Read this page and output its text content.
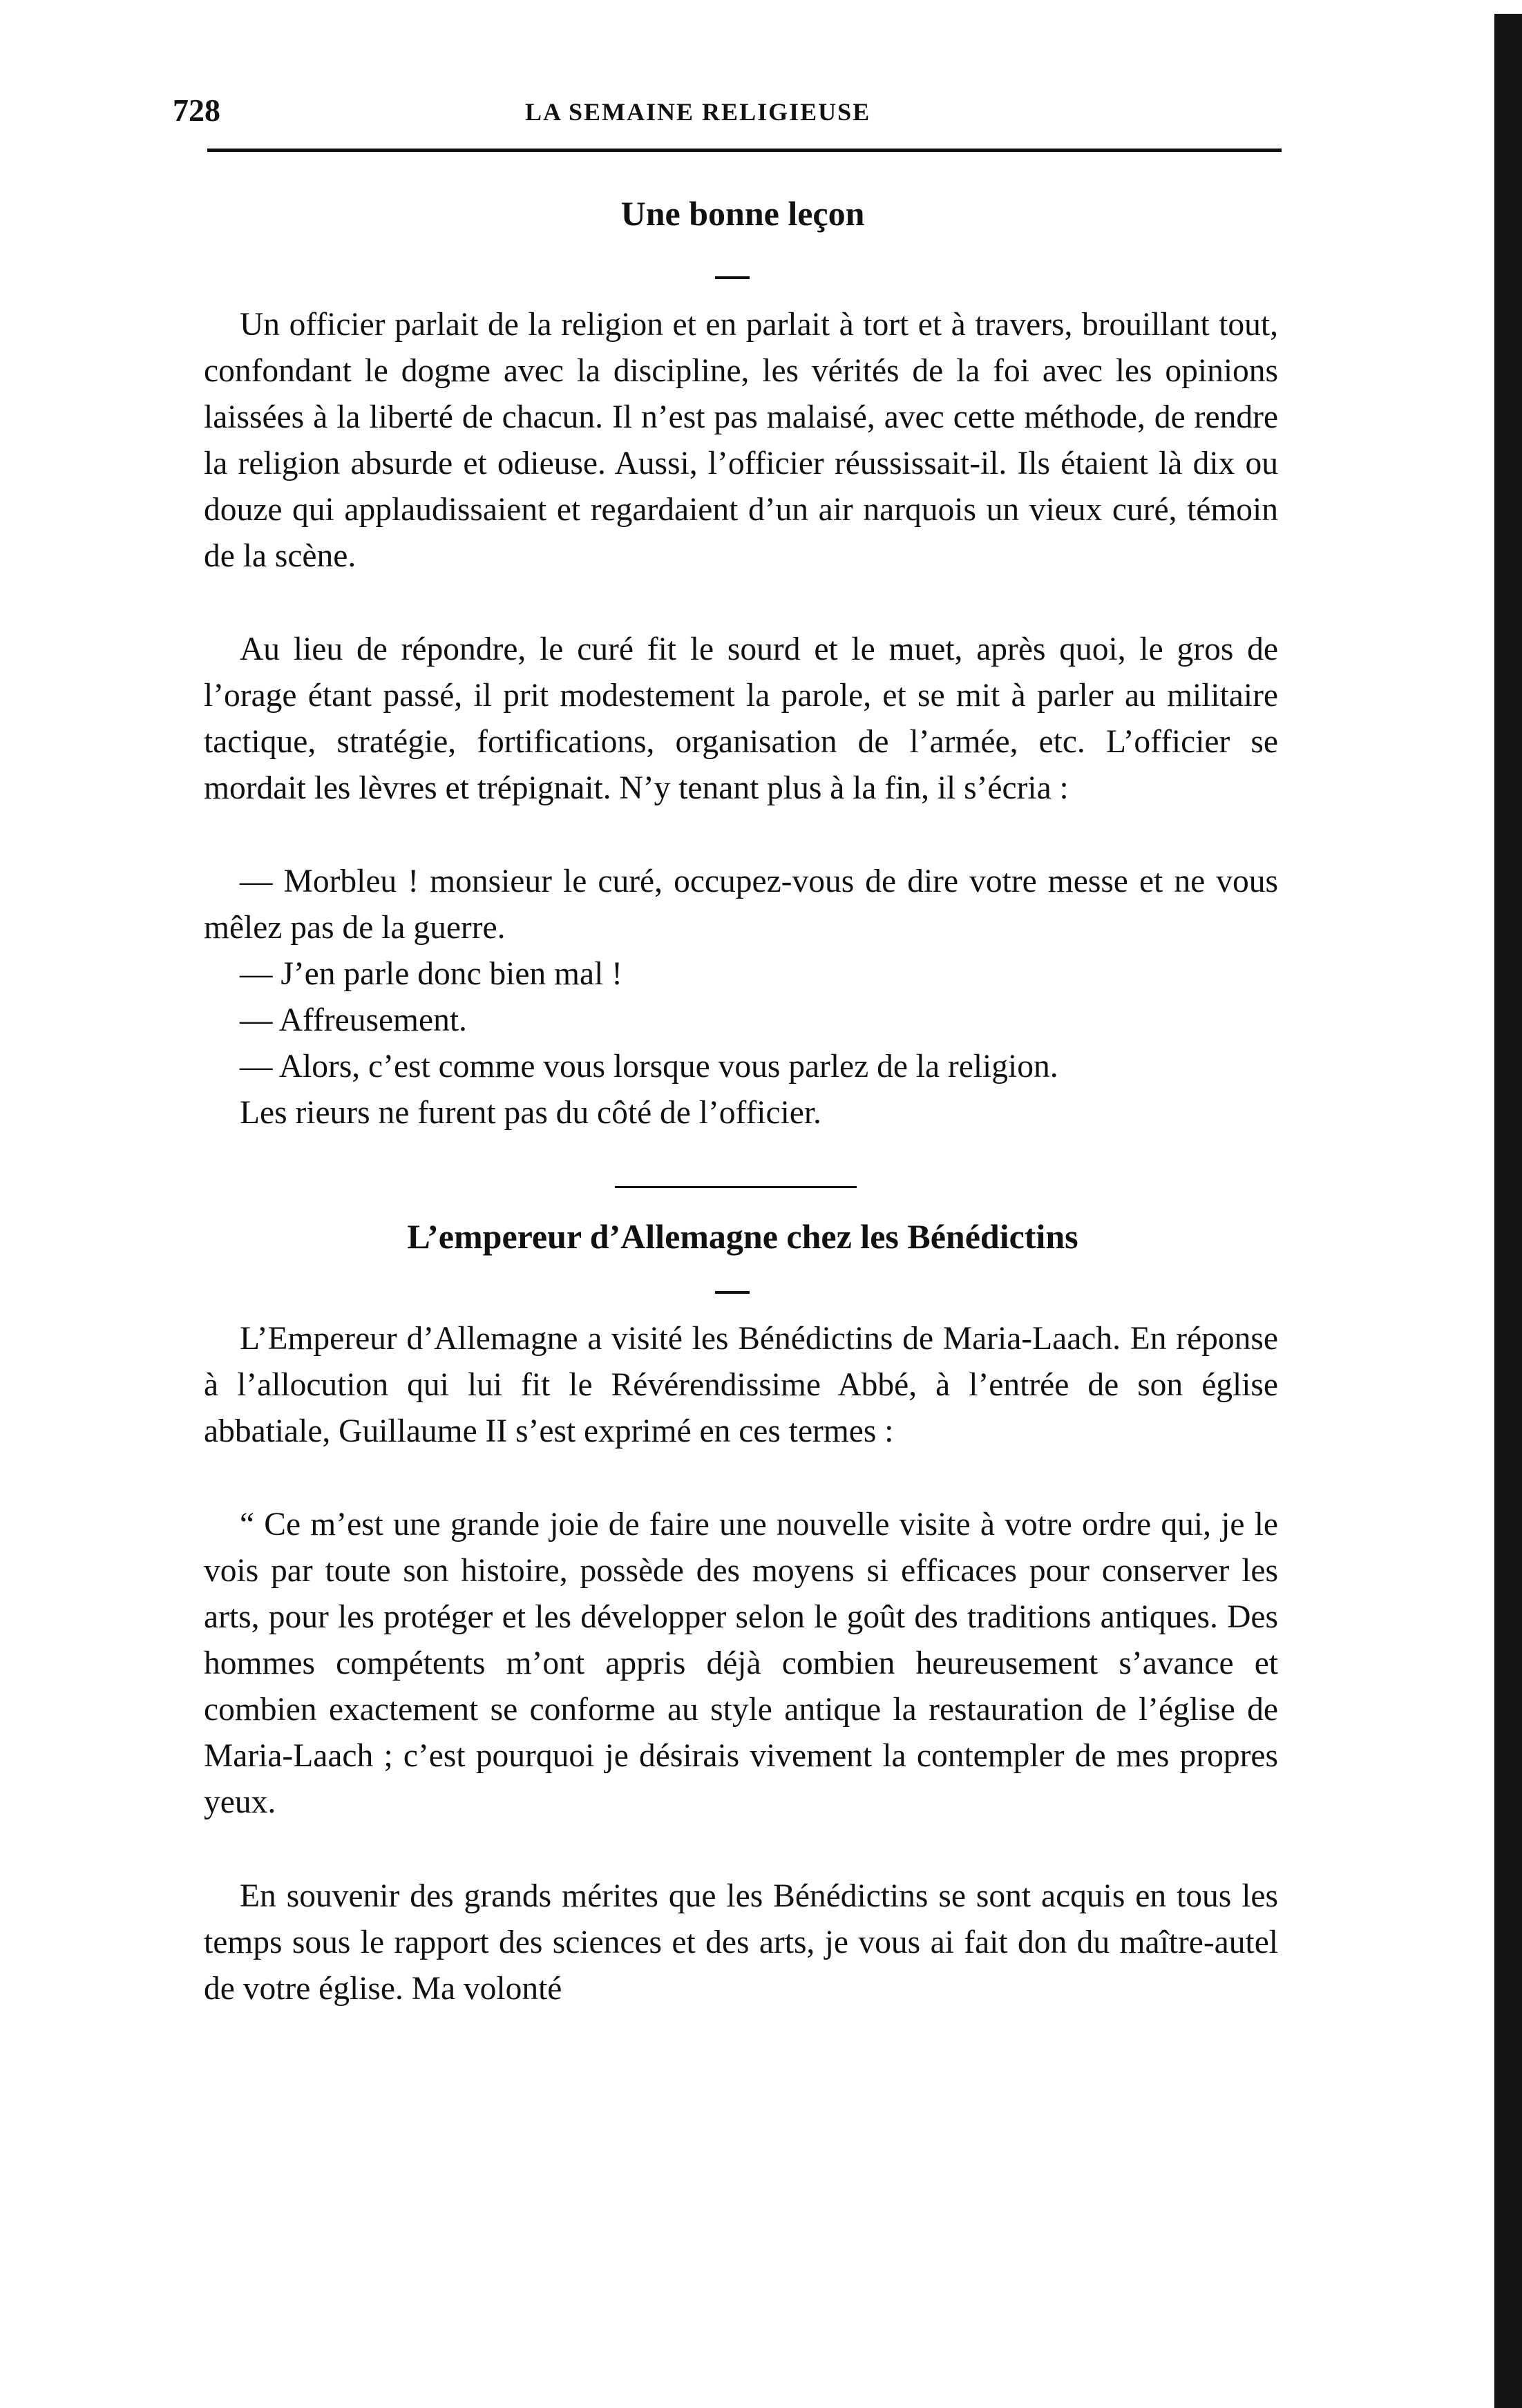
728	LA SEMAINE RELIGIEUSE
Une bonne leçon

Un officier parlait de la religion et en parlait à tort et à travers, brouillant tout, confondant le dogme avec la discipline, les vérités de la foi avec les opinions laissées à la liberté de chacun. Il n’est pas malaisé, avec cette méthode, de rendre la religion absurde et odieuse. Aussi, l’officier réussissait-il. Ils étaient là dix ou douze qui applaudissaient et regardaient d’un air narquois un vieux curé, témoin de la scène.

Au lieu de répondre, le curé fit le sourd et le muet, après quoi, le gros de l’orage étant passé, il prit modestement la parole, et se mit à parler au militaire tactique, stratégie, fortifications, organisation de l’armée, etc. L’officier se mordait les lèvres et trépignait. N’y tenant plus à la fin, il s’écria :

— Morbleu ! monsieur le curé, occupez-vous de dire votre messe et ne vous mêlez pas de la guerre.

— J’en parle donc bien mal !

— Affreusement.

— Alors, c’est comme vous lorsque vous parlez de la religion.

Les rieurs ne furent pas du côté de l’officier.

L’empereur d’Allemagne chez les Bénédictins

L’Empereur d’Allemagne a visité les Bénédictins de Maria-Laach. En réponse à l’allocution qui lui fit le Révérendissime Abbé, à l’entrée de son église abbatiale, Guillaume II s’est exprimé en ces termes :

“ Ce m’est une grande joie de faire une nouvelle visite à votre ordre qui, je le vois par toute son histoire, possède des moyens si efficaces pour conserver les arts, pour les protéger et les développer selon le goût des traditions antiques. Des hommes compétents m’ont appris déjà combien heureusement s’avance et combien exactement se conforme au style antique la restauration de l’église de Maria-Laach ; c’est pourquoi je désirais vivement la contempler de mes propres yeux.

En souvenir des grands mérites que les Bénédictins se sont acquis en tous les temps sous le rapport des sciences et des arts, je vous ai fait don du maître-autel de votre église. Ma volonté
